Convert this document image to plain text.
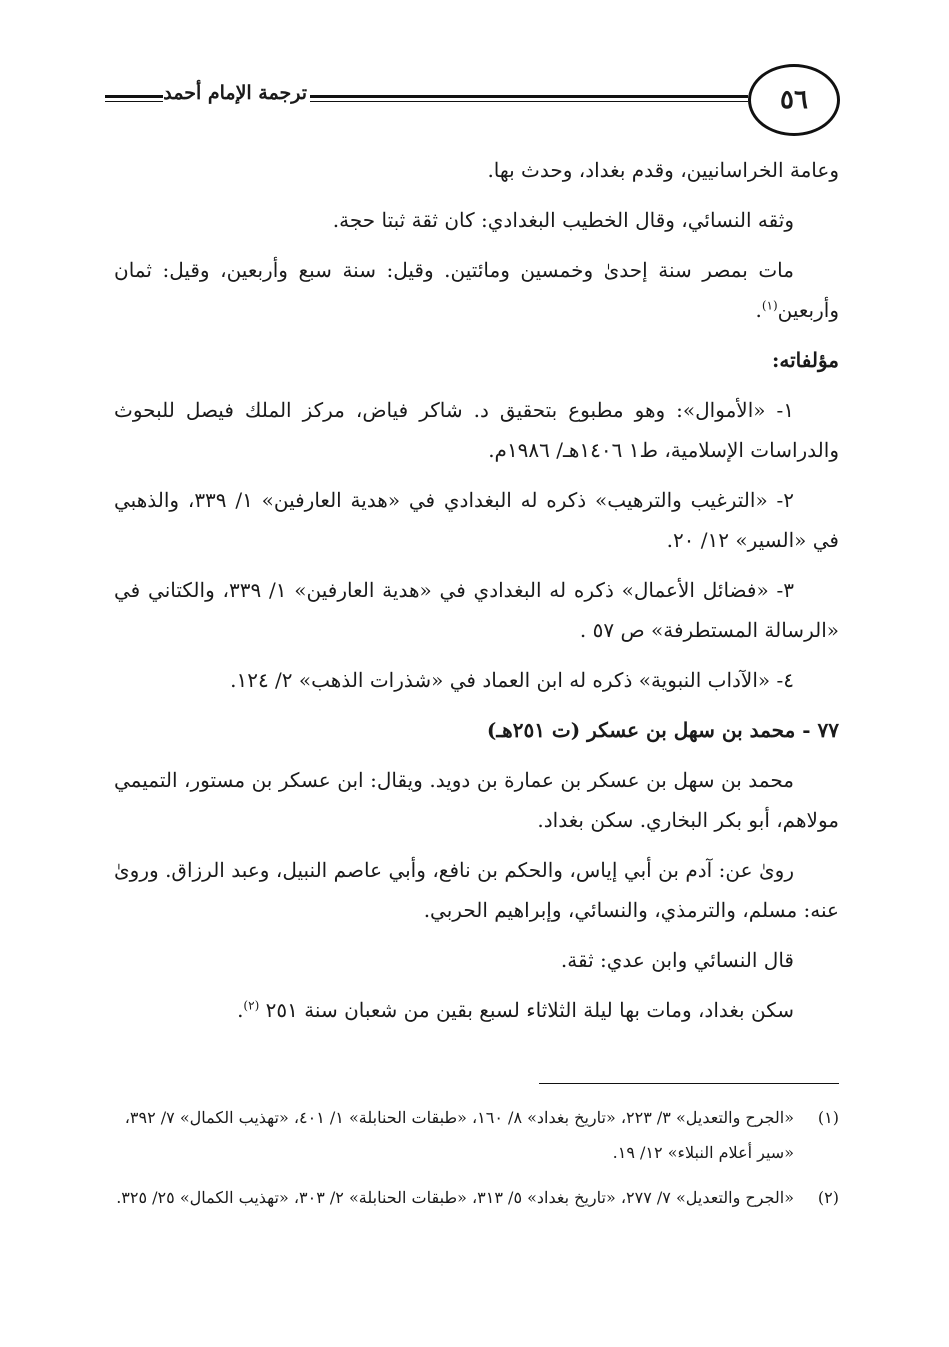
٥٦
ترجمة الإمام أحمد

وعامة الخراسانيين، وقدم بغداد، وحدث بها.

وثقه النسائي، وقال الخطيب البغدادي: كان ثقة ثبتا حجة.

مات بمصر سنة إحدىٰ وخمسين ومائتين. وقيل: سنة سبع وأربعين، وقيل: ثمان وأربعين$^{(١)}$.

مؤلفاته:

١- «الأموال»: وهو مطبوع بتحقيق د. شاكر فياض، مركز الملك فيصل للبحوث والدراسات الإسلامية، ط١ ١٤٠٦هـ/ ١٩٨٦م.

٢- «الترغيب والترهيب» ذكره له البغدادي في «هدية العارفين» ١/ ٣٣٩، والذهبي في «السير» ١٢/ ٢٠.

٣- «فضائل الأعمال» ذكره له البغدادي في «هدية العارفين» ١/ ٣٣٩، والكتاني في «الرسالة المستطرفة» ص ٥٧ .

٤- «الآداب النبوية» ذكره له ابن العماد في «شذرات الذهب» ٢/ ١٢٤.

٧٧ - محمد بن سهل بن عسكر (ت ٢٥١هـ)

محمد بن سهل بن عسكر بن عمارة بن دويد. ويقال: ابن عسكر بن مستور، التميمي مولاهم، أبو بكر البخاري. سكن بغداد.

روىٰ عن: آدم بن أبي إياس، والحكم بن نافع، وأبي عاصم النبيل، وعبد الرزاق. وروىٰ عنه: مسلم، والترمذي، والنسائي، وإبراهيم الحربي.

قال النسائي وابن عدي: ثقة.

سكن بغداد، ومات بها ليلة الثلاثاء لسبع بقين من شعبان سنة ٢٥١ $^{(٢)}$.

(١)
«الجرح والتعديل» ٣/ ٢٢٣، «تاريخ بغداد» ٨/ ١٦٠، «طبقات الحنابلة» ١/ ٤٠١، «تهذيب الكمال» ٧/ ٣٩٢، «سير أعلام النبلاء» ١٢/ ١٩.
(٢)
«الجرح والتعديل» ٧/ ٢٧٧، «تاريخ بغداد» ٥/ ٣١٣، «طبقات الحنابلة» ٢/ ٣٠٣، «تهذيب الكمال» ٢٥/ ٣٢٥.
